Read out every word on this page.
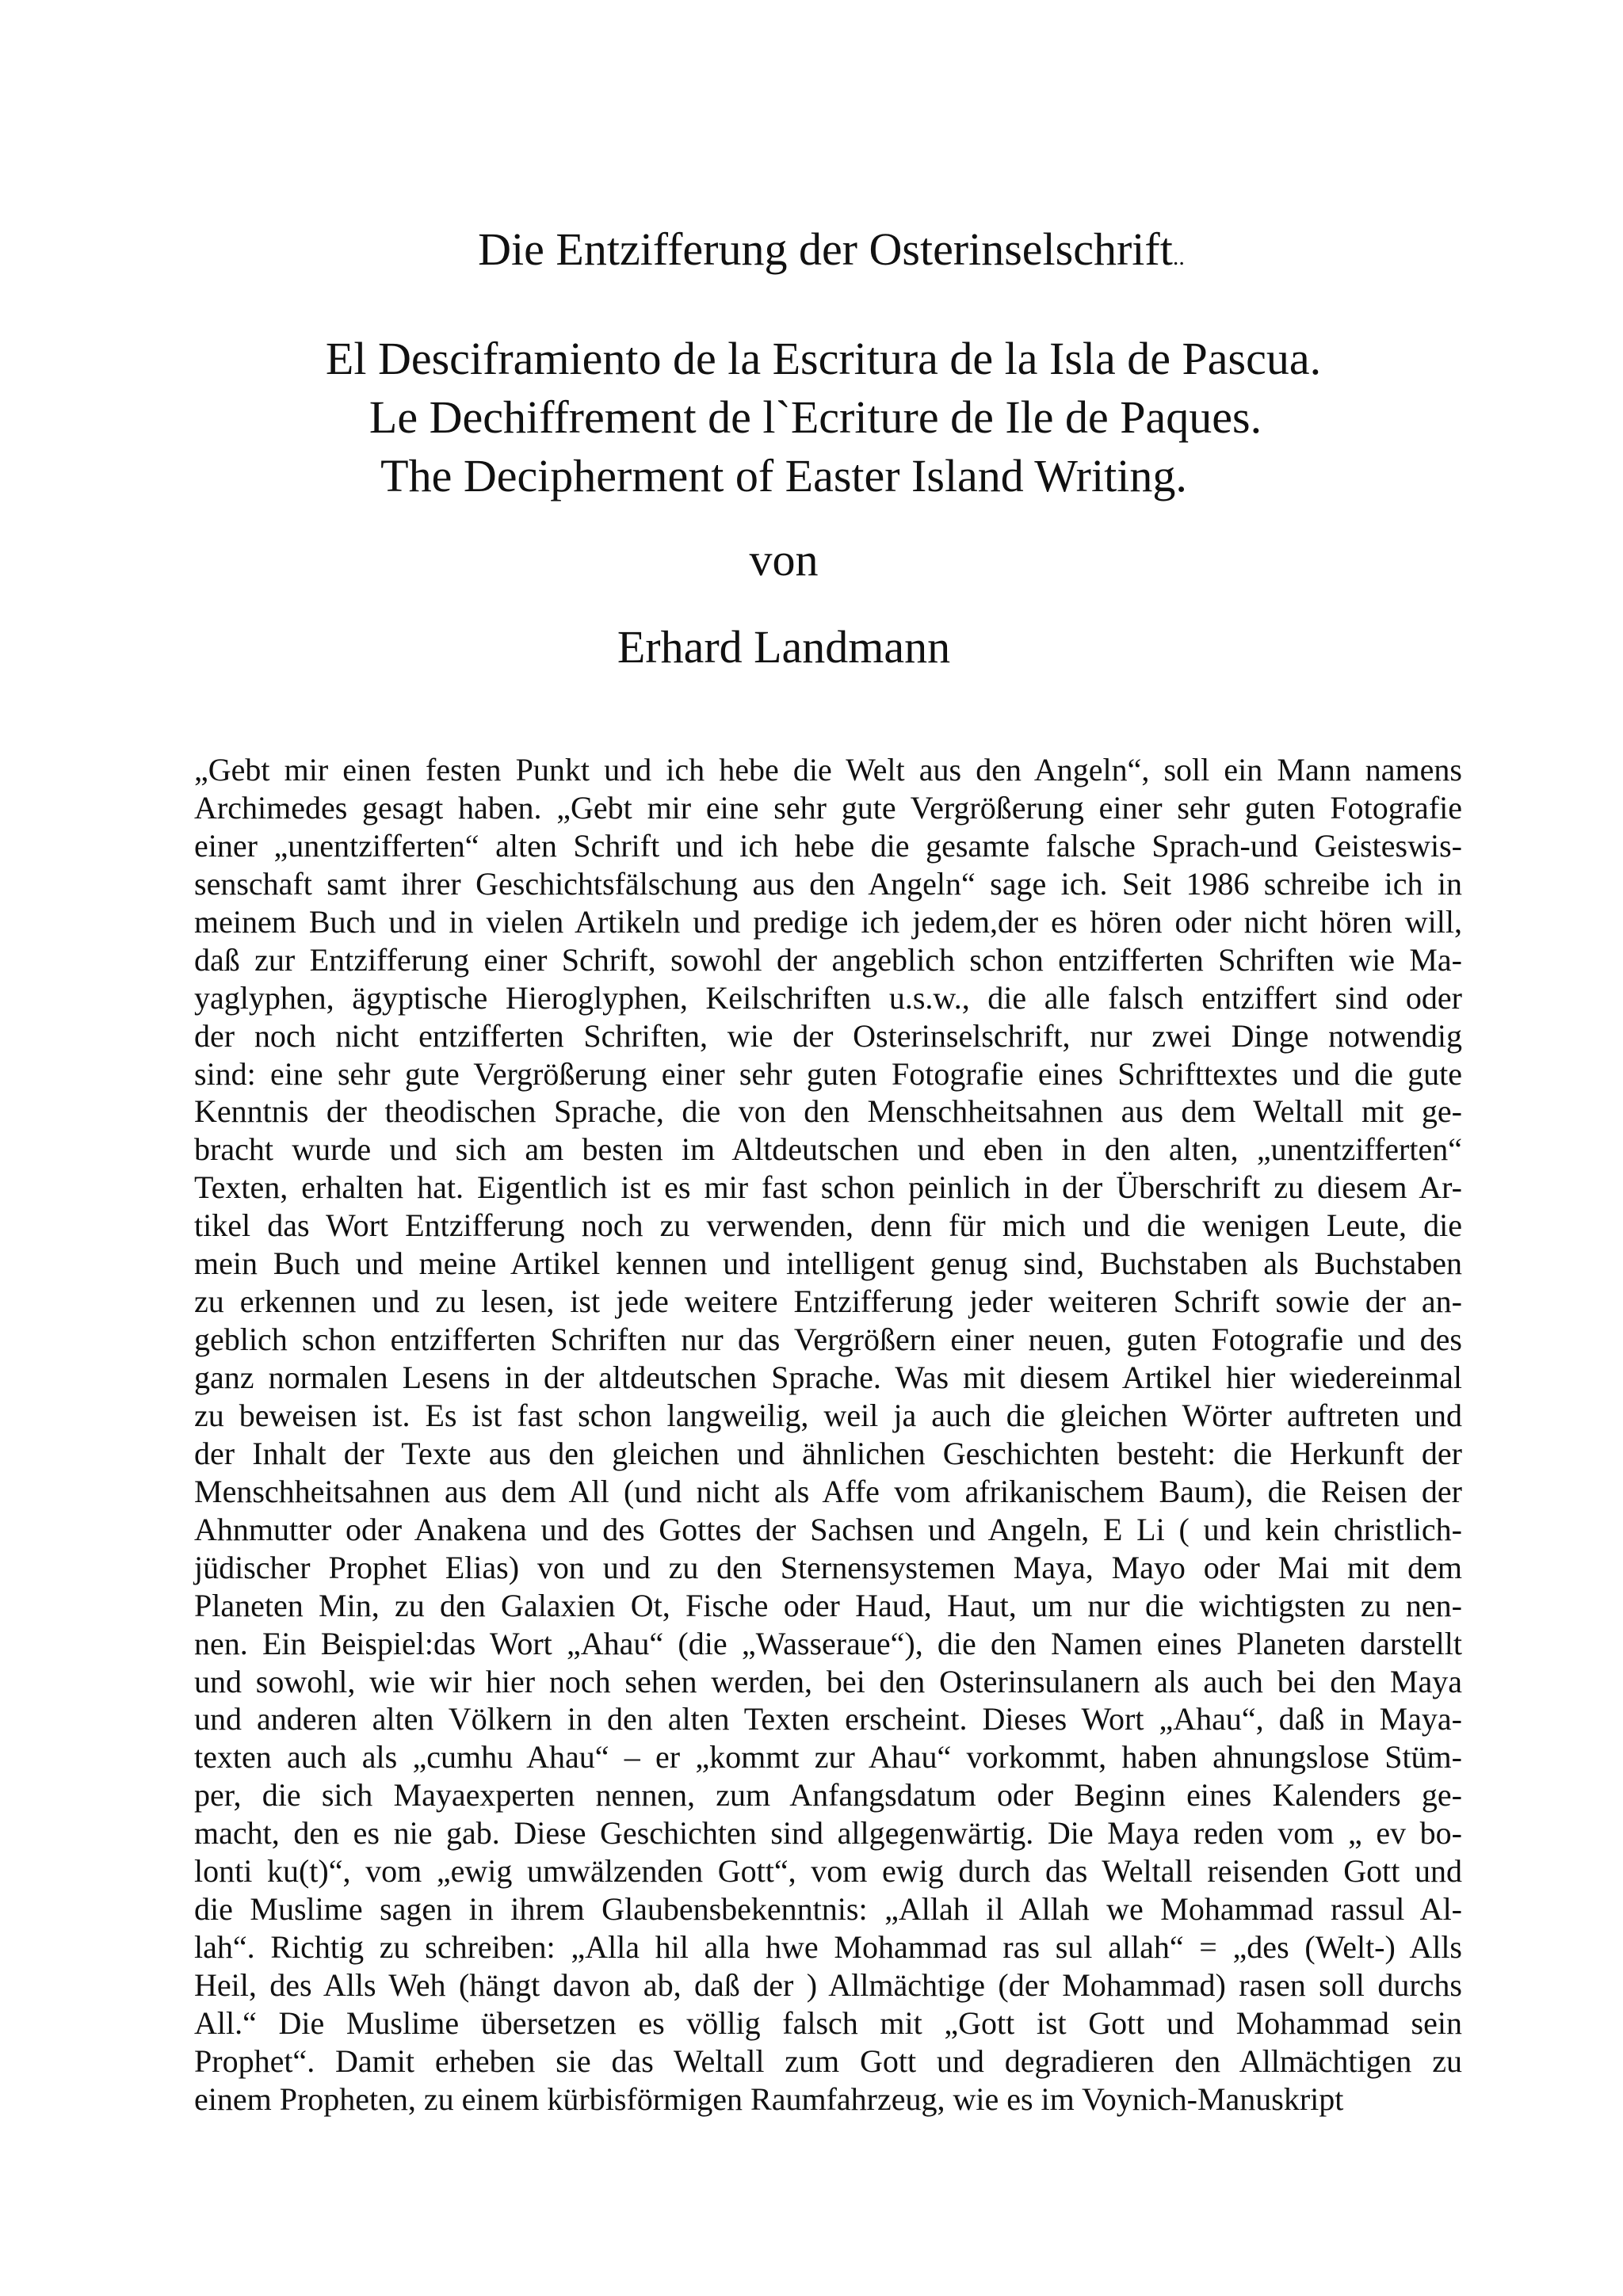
Die Entzifferung der Osterinselschrift..
El Desciframiento de la Escritura de la Isla de Pascua.
Le Dechiffrement de l`Ecriture de Ile de Paques.
The Decipherment of Easter Island Writing.
von
Erhard Landmann
„Gebt mir einen festen Punkt und ich hebe die Welt aus den Angeln“, soll ein Mann namens
Archimedes gesagt haben. „Gebt mir eine sehr gute Vergrößerung einer sehr guten Fotografie
einer „unentzifferten“ alten Schrift und ich hebe die gesamte falsche Sprach-und Geisteswis-
senschaft samt ihrer Geschichtsfälschung aus den Angeln“ sage ich. Seit 1986 schreibe ich in
meinem Buch und in vielen Artikeln und predige ich jedem,der es hören oder nicht hören will,
daß zur Entzifferung einer Schrift, sowohl der angeblich schon entzifferten Schriften wie Ma-
yaglyphen, ägyptische Hieroglyphen, Keilschriften u.s.w., die alle falsch entziffert sind oder
der noch nicht entzifferten Schriften, wie der Osterinselschrift, nur zwei Dinge notwendig
sind: eine sehr gute Vergrößerung einer sehr guten Fotografie eines Schrifttextes und die gute
Kenntnis der theodischen Sprache, die von den Menschheitsahnen aus dem Weltall mit ge-
bracht wurde und sich am besten im Altdeutschen und eben in den alten, „unentzifferten“
Texten, erhalten hat. Eigentlich ist es mir fast schon peinlich in der Überschrift zu diesem Ar-
tikel das Wort Entzifferung noch zu verwenden, denn für mich und die wenigen Leute, die
mein Buch und meine Artikel kennen und intelligent genug sind, Buchstaben als Buchstaben
zu erkennen und zu lesen, ist jede weitere Entzifferung jeder weiteren Schrift sowie der an-
geblich schon entzifferten Schriften nur das Vergrößern einer neuen, guten Fotografie und des
ganz normalen Lesens in der altdeutschen Sprache. Was mit diesem Artikel hier wiedereinmal
zu beweisen ist. Es ist fast schon langweilig, weil ja auch die gleichen Wörter auftreten und
der Inhalt der Texte aus den gleichen und ähnlichen Geschichten besteht: die Herkunft der
Menschheitsahnen aus dem All (und nicht als Affe vom afrikanischem Baum), die Reisen der
Ahnmutter oder Anakena und des Gottes der Sachsen und Angeln, E Li ( und kein christlich-
jüdischer Prophet Elias) von und zu den Sternensystemen Maya, Mayo oder Mai mit dem
Planeten Min, zu den Galaxien Ot, Fische oder Haud, Haut, um nur die wichtigsten zu nen-
nen. Ein Beispiel:das Wort „Ahau“ (die „Wasseraue“), die den Namen eines Planeten darstellt
und sowohl, wie wir hier noch sehen werden, bei den Osterinsulanern als auch bei den Maya
und anderen alten Völkern in den alten Texten erscheint. Dieses Wort „Ahau“, daß in Maya-
texten auch als „cumhu Ahau“ – er „kommt zur Ahau“ vorkommt, haben ahnungslose Stüm-
per, die sich Mayaexperten nennen, zum Anfangsdatum oder Beginn eines Kalenders ge-
macht, den es nie gab. Diese Geschichten sind allgegenwärtig. Die Maya reden vom „ ev bo-
lonti ku(t)“, vom „ewig umwälzenden Gott“, vom ewig durch das Weltall reisenden Gott und
die Muslime sagen in ihrem Glaubensbekenntnis: „Allah il Allah we Mohammad rassul Al-
lah“. Richtig zu schreiben: „Alla hil alla hwe Mohammad ras sul allah“ = „des (Welt-) Alls
Heil, des Alls Weh (hängt davon ab, daß der ) Allmächtige (der Mohammad) rasen soll durchs
All.“ Die Muslime übersetzen es völlig falsch mit „Gott ist Gott und Mohammad sein
Prophet“. Damit erheben sie das Weltall zum Gott und degradieren den Allmächtigen zu
einem Propheten, zu einem kürbisförmigen Raumfahrzeug, wie es im Voynich-Manuskript
